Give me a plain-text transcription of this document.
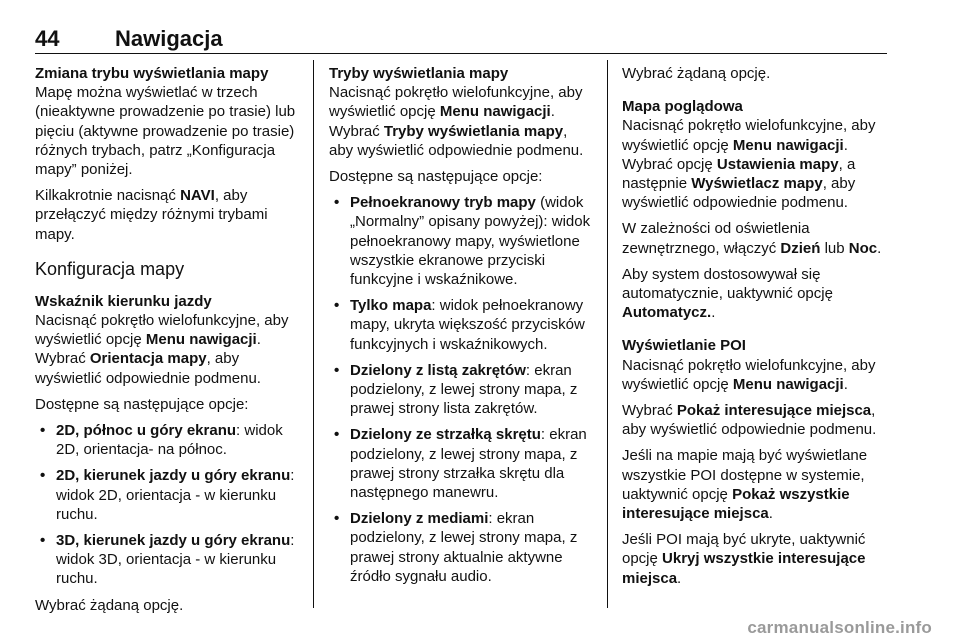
44	Nawigacja
Zmiana trybu wyświetlania mapy

Mapę można wyświetlać w trzech (nieaktywne prowadzenie po trasie) lub pięciu (aktywne prowadzenie po trasie) różnych trybach, patrz „Konfiguracja mapy” poniżej.

Kilkakrotnie nacisnąć NAVI, aby przełączyć między różnymi trybami mapy.

Konfiguracja mapy
Wskaźnik kierunku jazdy

Nacisnąć pokrętło wielofunkcyjne, aby wyświetlić opcję Menu nawigacji. Wybrać Orientacja mapy, aby wyświetlić odpowiednie podmenu.

Dostępne są następujące opcje:

• 2D, północ u góry ekranu: widok 2D, orientacja- na północ.
• 2D, kierunek jazdy u góry ekranu: widok 2D, orientacja - w kierunku ruchu.
• 3D, kierunek jazdy u góry ekranu: widok 3D, orientacja - w kierunku ruchu.

Wybrać żądaną opcję.

Tryby wyświetlania mapy

Nacisnąć pokrętło wielofunkcyjne, aby wyświetlić opcję Menu nawigacji. Wybrać Tryby wyświetlania mapy, aby wyświetlić odpowiednie podmenu.

Dostępne są następujące opcje:

• Pełnoekranowy tryb mapy (widok „Normalny” opisany powyżej): widok pełnoekranowy mapy, wyświetlone wszystkie ekranowe przyciski funkcyjne i wskaźnikowe.
• Tylko mapa: widok pełnoekranowy mapy, ukryta większość przycisków funkcyjnych i wskaźnikowych.
• Dzielony z listą zakrętów: ekran podzielony, z lewej strony mapa, z prawej strony lista zakrętów.
• Dzielony ze strzałką skrętu: ekran podzielony, z lewej strony mapa, z prawej strony strzałka skrętu dla następnego manewru.
• Dzielony z mediami: ekran podzielony, z lewej strony mapa, z prawej strony aktualnie aktywne źródło sygnału audio.

Wybrać żądaną opcję.

Mapa poglądowa

Nacisnąć pokrętło wielofunkcyjne, aby wyświetlić opcję Menu nawigacji. Wybrać opcję Ustawienia mapy, a następnie Wyświetlacz mapy, aby wyświetlić odpowiednie podmenu.

W zależności od oświetlenia zewnętrznego, włączyć Dzień lub Noc.

Aby system dostosowywał się automatycznie, uaktywnić opcję Automatycz..

Wyświetlanie POI

Nacisnąć pokrętło wielofunkcyjne, aby wyświetlić opcję Menu nawigacji.

Wybrać Pokaż interesujące miejsca, aby wyświetlić odpowiednie podmenu.

Jeśli na mapie mają być wyświetlane wszystkie POI dostępne w systemie, uaktywnić opcję Pokaż wszystkie interesujące miejsca.

Jeśli POI mają być ukryte, uaktywnić opcję Ukryj wszystkie interesujące miejsca.

carmanualsonline.info
